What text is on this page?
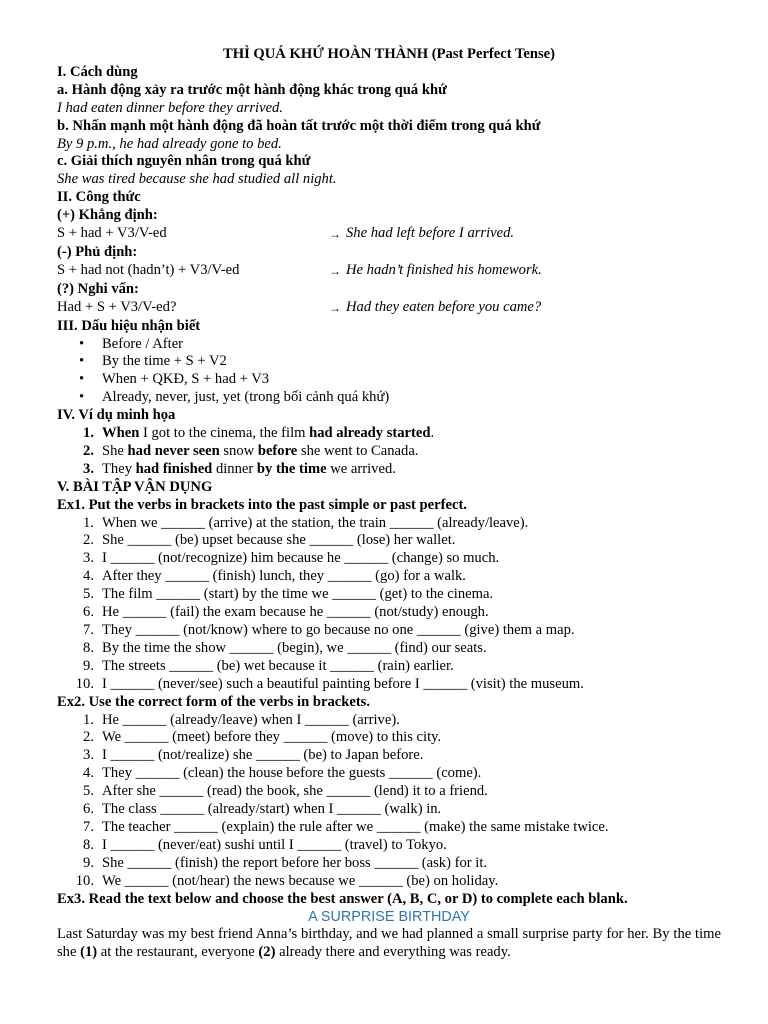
THÌ QUÁ KHỨ HOÀN THÀNH (Past Perfect Tense)
I. Cách dùng
a. Hành động xảy ra trước một hành động khác trong quá khứ
I had eaten dinner before they arrived.
b. Nhấn mạnh một hành động đã hoàn tất trước một thời điểm trong quá khứ
By 9 p.m., he had already gone to bed.
c. Giải thích nguyên nhân trong quá khứ
She was tired because she had studied all night.
II. Công thức
(+) Khẳng định:
S + had + V3/V-ed	→ She had left before I arrived.
(-) Phủ định:
S + had not (hadn’t) + V3/V-ed	→ He hadn’t finished his homework.
(?) Nghi vấn:
Had + S + V3/V-ed?	→ Had they eaten before you came?
III. Dấu hiệu nhận biết
• Before / After
• By the time + S + V2
• When + QKĐ, S + had + V3
• Already, never, just, yet (trong bối cảnh quá khứ)
IV. Ví dụ minh họa
1. When I got to the cinema, the film had already started.
2. She had never seen snow before she went to Canada.
3. They had finished dinner by the time we arrived.
V. BÀI TẬP VẬN DỤNG
Ex1. Put the verbs in brackets into the past simple or past perfect.
1. When we ______ (arrive) at the station, the train ______ (already/leave).
2. She ______ (be) upset because she ______ (lose) her wallet.
3. I ______ (not/recognize) him because he ______ (change) so much.
4. After they ______ (finish) lunch, they ______ (go) for a walk.
5. The film ______ (start) by the time we ______ (get) to the cinema.
6. He ______ (fail) the exam because he ______ (not/study) enough.
7. They ______ (not/know) where to go because no one ______ (give) them a map.
8. By the time the show ______ (begin), we ______ (find) our seats.
9. The streets ______ (be) wet because it ______ (rain) earlier.
10. I ______ (never/see) such a beautiful painting before I ______ (visit) the museum.
Ex2. Use the correct form of the verbs in brackets.
1. He ______ (already/leave) when I ______ (arrive).
2. We ______ (meet) before they ______ (move) to this city.
3. I ______ (not/realize) she ______ (be) to Japan before.
4. They ______ (clean) the house before the guests ______ (come).
5. After she ______ (read) the book, she ______ (lend) it to a friend.
6. The class ______ (already/start) when I ______ (walk) in.
7. The teacher ______ (explain) the rule after we ______ (make) the same mistake twice.
8. I ______ (never/eat) sushi until I ______ (travel) to Tokyo.
9. She ______ (finish) the report before her boss ______ (ask) for it.
10. We ______ (not/hear) the news because we ______ (be) on holiday.
Ex3. Read the text below and choose the best answer (A, B, C, or D) to complete each blank.
A SURPRISE BIRTHDAY
Last Saturday was my best friend Anna’s birthday, and we had planned a small surprise party for her. By the time she (1) at the restaurant, everyone (2) already there and everything was ready.
